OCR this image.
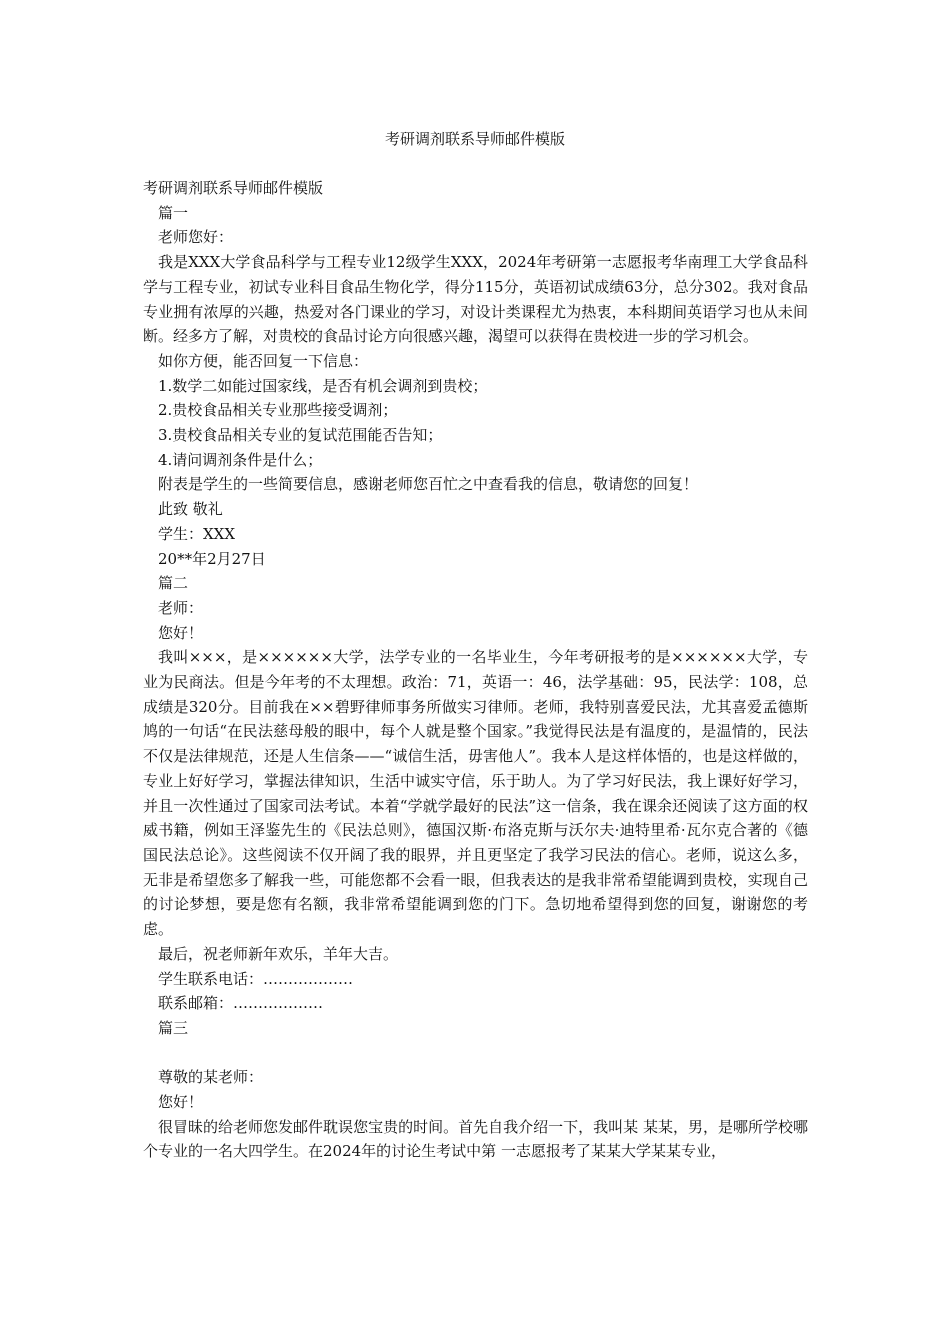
考研调剂联系导师邮件模版

考研调剂联系导师邮件模版

篇一

老师您好：

我是XXX大学食品科学与工程专业12级学生XXX，2024年考研第一志愿报考华南理工大学食品科学与工程专业，初试专业科目食品生物化学，得分115分，英语初试成绩63分，总分302。我对食品专业拥有浓厚的兴趣，热爱对各门课业的学习，对设计类课程尤为热衷，本科期间英语学习也从未间断。经多方了解，对贵校的食品讨论方向很感兴趣，渴望可以获得在贵校进一步的学习机会。

如你方便，能否回复一下信息：

1.数学二如能过国家线，是否有机会调剂到贵校；

2.贵校食品相关专业那些接受调剂；

3.贵校食品相关专业的复试范围能否告知；

4.请问调剂条件是什么；

附表是学生的一些简要信息，感谢老师您百忙之中查看我的信息，敬请您的回复！

此致 敬礼

学生：XXX

20**年2月27日

篇二

老师：

您好！

我叫×××，是××××××大学，法学专业的一名毕业生，今年考研报考的是××××××大学，专业为民商法。但是今年考的不太理想。政治：71，英语一：46，法学基础：95，民法学：108，总成绩是320分。目前我在××碧野律师事务所做实习律师。老师，我特别喜爱民法，尤其喜爱孟德斯鸠的一句话“在民法慈母般的眼中，每个人就是整个国家。”我觉得民法是有温度的，是温情的，民法不仅是法律规范，还是人生信条——“诚信生活，毋害他人”。我本人是这样体悟的，也是这样做的，专业上好好学习，掌握法律知识，生活中诚实守信，乐于助人。为了学习好民法，我上课好好学习，并且一次性通过了国家司法考试。本着“学就学最好的民法”这一信条，我在课余还阅读了这方面的权威书籍，例如王泽鉴先生的《民法总则》，德国汉斯·布洛克斯与沃尔夫·迪特里希·瓦尔克合著的《德国民法总论》。这些阅读不仅开阔了我的眼界，并且更坚定了我学习民法的信心。老师，说这么多，无非是希望您多了解我一些，可能您都不会看一眼，但我表达的是我非常希望能调到贵校，实现自己的讨论梦想，要是您有名额，我非常希望能调到您的门下。急切地希望得到您的回复，谢谢您的考虑。

最后，祝老师新年欢乐，羊年大吉。

学生联系电话：………………

联系邮箱：………………

篇三

尊敬的某老师：

您好！

很冒昧的给老师您发邮件耽误您宝贵的时间。首先自我介绍一下，我叫某 某某，男，是哪所学校哪个专业的一名大四学生。在2024年的讨论生考试中第 一志愿报考了某某大学某某专业，
